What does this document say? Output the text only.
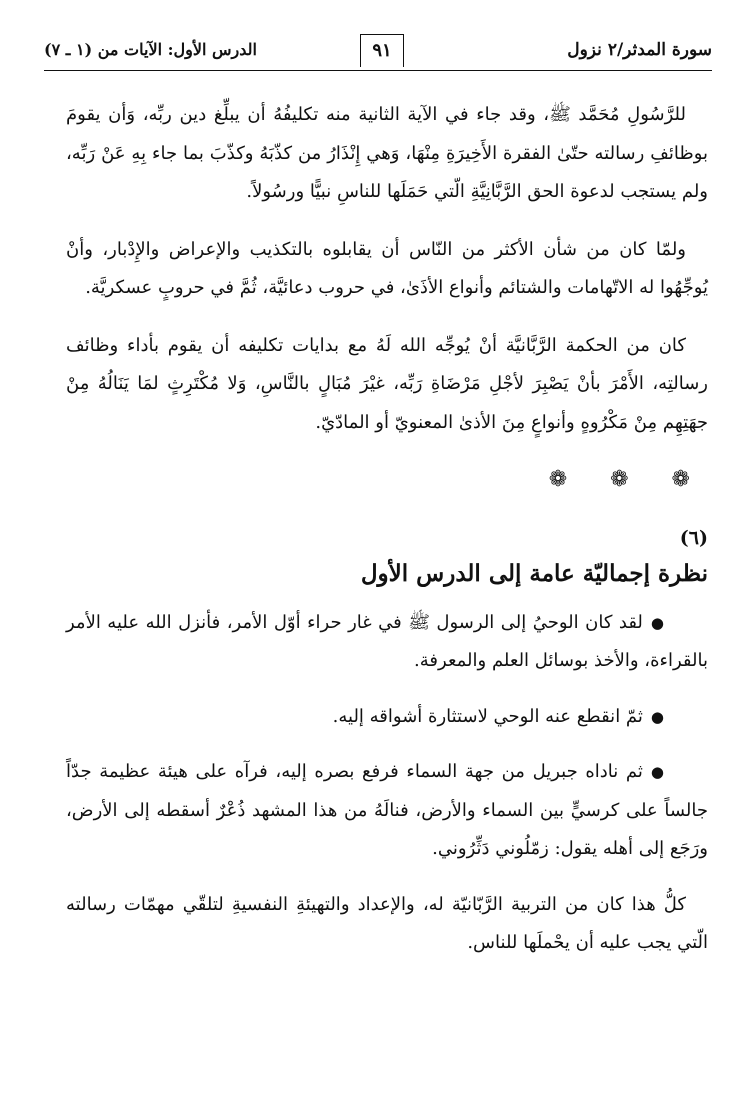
سورة المدثر/٢ نزول
٩١
الدرس الأول: الآيات من (١ ـ ٧)

للرَّسُولِ مُحَمَّد ﷺ، وقد جاء في الآية الثانية منه تكليفُهُ أن يبلِّغ دين ربِّه، وَأن يقومَ بوظائفِ رسالته حتّىٰ الفقرة الأَخِيرَةِ مِنْهَا، وَهي إِنْذَارُ من كذّبَهُ وكذّبَ بما جاء بِهِ عَنْ رَبِّه، ولم يستجب لدعوة الحق الرَّبَّانِيَّةِ الّتي حَمَلَها للناسِ نبيًّا ورسُولاً.

ولمّا كان من شأن الأكثر من النّاس أن يقابلوه بالتكذيب والإعراض والإِدْبار، وأنْ يُوجِّهُوا له الاتّهامات والشتائم وأنواع الأذَىٰ، في حروب دعائيَّة، ثُمَّ في حروبٍ عسكريَّة.

كان من الحكمة الرَّبَّانيَّة أنْ يُوجِّه الله لَهُ مع بدايات تكليفه أن يقوم بأداء وظائف رسالتِه، الأَمْرَ بأنْ يَصْبِرَ لأجْلِ مَرْضَاةِ رَبِّه، غيْرَ مُبَالٍ بالنَّاسِ، وَلا مُكْتَرِثٍ لمَا يَنَالُهُ مِنْ جهَتِهِم مِنْ مَكْرُوهٍ وأنواعٍ مِنَ الأذىٰ المعنويّ أو المادّيّ.

❁ ❁ ❁
(٦)
نظرة إجماليّة عامة إلى الدرس الأول

●لقد كان الوحيُ إلى الرسول ﷺ في غار حراء أوّل الأمر، فأنزل الله عليه الأمر بالقراءة، والأخذ بوسائل العلم والمعرفة.

●ثمّ انقطع عنه الوحي لاستثارة أشواقه إليه.

●ثم ناداه جبريل من جهة السماء فرفع بصره إليه، فرآه على هيئة عظيمة جدّاً جالساً على كرسيٍّ بين السماء والأرض، فنالَهُ من هذا المشهد ذُعْرٌ أسقطه إلى الأرض، ورَجَع إلى أهله يقول: زمّلُوني دَثِّرُوني.

كلُّ هذا كان من التربية الرَّبّانيّة له، والإعداد والتهيئةِ النفسيةِ لتلقّي مهمّات رسالته الّتي يجب عليه أن يحْملَها للناس.
